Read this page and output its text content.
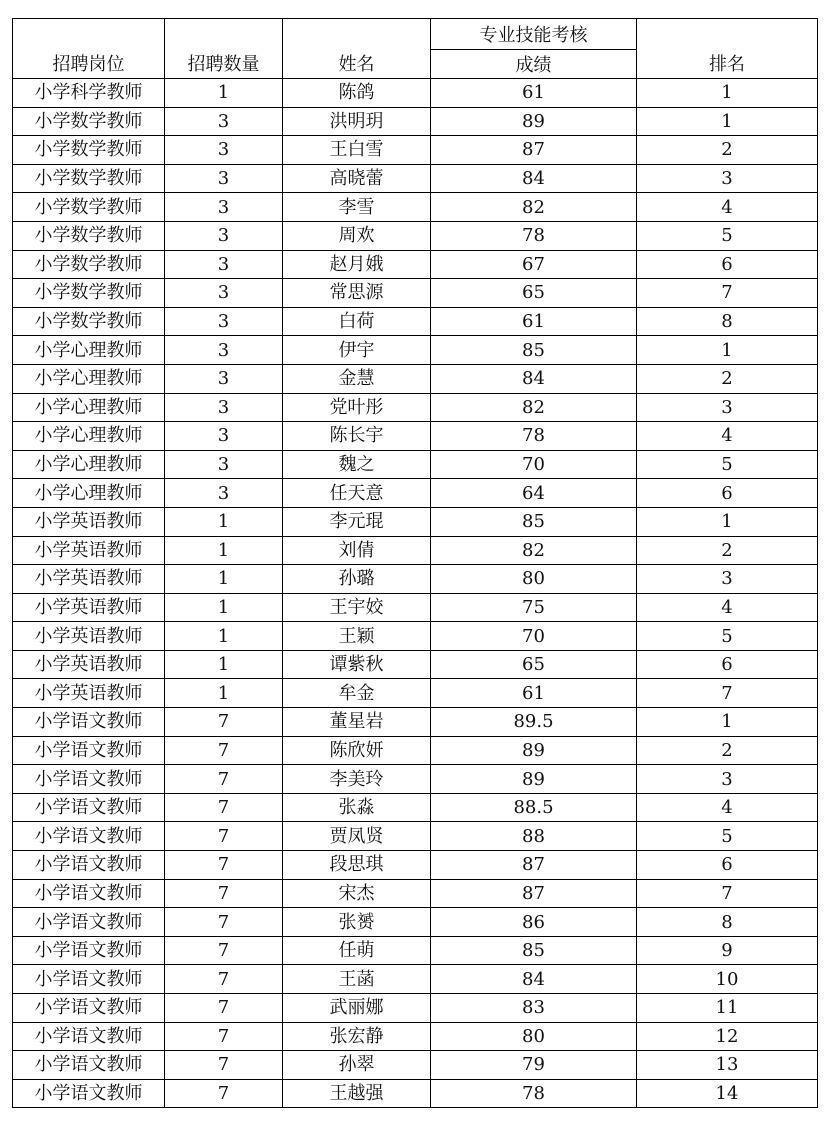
招聘岗位	招聘数量	姓名	专业技能考核	排名
			成绩	
小学科学教师	1	陈鸽	61	1
小学数学教师	3	洪明玥	89	1
小学数学教师	3	王白雪	87	2
小学数学教师	3	高晓蕾	84	3
小学数学教师	3	李雪	82	4
小学数学教师	3	周欢	78	5
小学数学教师	3	赵月娥	67	6
小学数学教师	3	常思源	65	7
小学数学教师	3	白荷	61	8
小学心理教师	3	伊宇	85	1
小学心理教师	3	金慧	84	2
小学心理教师	3	党叶彤	82	3
小学心理教师	3	陈长宇	78	4
小学心理教师	3	魏之	70	5
小学心理教师	3	任天意	64	6
小学英语教师	1	李元琨	85	1
小学英语教师	1	刘倩	82	2
小学英语教师	1	孙璐	80	3
小学英语教师	1	王宇姣	75	4
小学英语教师	1	王颖	70	5
小学英语教师	1	谭紫秋	65	6
小学英语教师	1	牟金	61	7
小学语文教师	7	董星岩	89.5	1
小学语文教师	7	陈欣妍	89	2
小学语文教师	7	李美玲	89	3
小学语文教师	7	张淼	88.5	4
小学语文教师	7	贾凤贤	88	5
小学语文教师	7	段思琪	87	6
小学语文教师	7	宋杰	87	7
小学语文教师	7	张赟	86	8
小学语文教师	7	任萌	85	9
小学语文教师	7	王菡	84	10
小学语文教师	7	武丽娜	83	11
小学语文教师	7	张宏静	80	12
小学语文教师	7	孙翠	79	13
小学语文教师	7	王越强	78	14
